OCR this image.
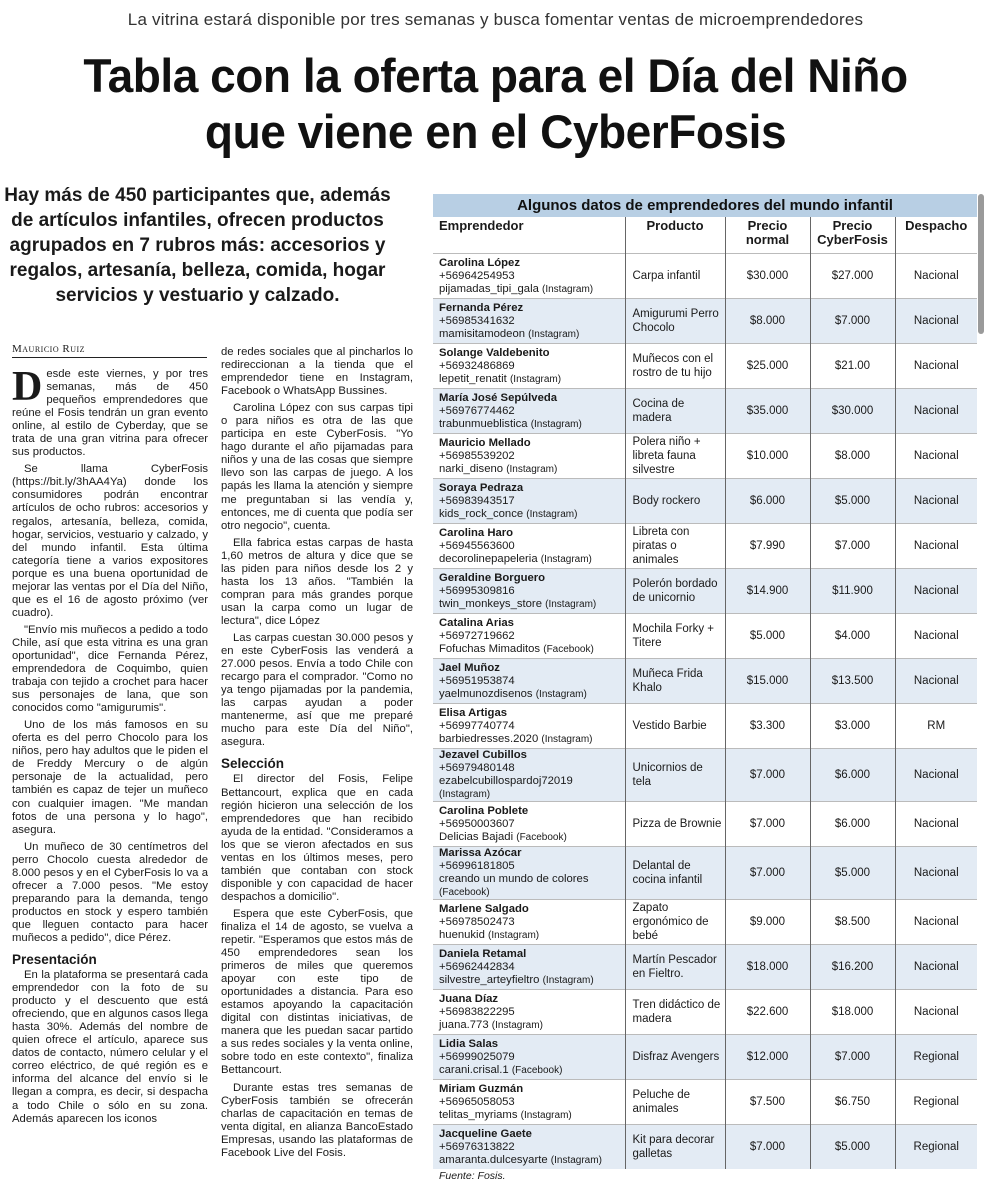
La vitrina estará disponible por tres semanas y busca fomentar ventas de microemprendedores
Tabla con la oferta para el Día del Niño
que viene en el CyberFosis
Hay más de 450 participantes que, además de artículos infantiles, ofrecen productos agrupados en 7 rubros más: accesorios y regalos, artesanía, belleza, comida, hogar servicios y vestuario y calzado.
Mauricio Ruiz

Desde este viernes, y por tres semanas, más de 450 pequeños emprendedores que reúne el Fosis tendrán un gran evento online, al estilo de Cyberday, que se trata de una gran vitrina para ofrecer sus productos.

Se llama CyberFosis (https://bit.ly/3hAA4Ya) donde los consumidores podrán encontrar artículos de ocho rubros: accesorios y regalos, artesanía, belleza, comida, hogar, servicios, vestuario y calzado, y del mundo infantil. Esta última categoría tiene a varios expositores porque es una buena oportunidad de mejorar las ventas por el Día del Niño, que es el 16 de agosto próximo (ver cuadro).

"Envío mis muñecos a pedido a todo Chile, así que esta vitrina es una gran oportunidad", dice Fernanda Pérez, emprendedora de Coquimbo, quien trabaja con tejido a crochet para hacer sus personajes de lana, que son conocidos como "amigurumis".

Uno de los más famosos en su oferta es del perro Chocolo para los niños, pero hay adultos que le piden el de Freddy Mercury o de algún personaje de la actualidad, pero también es capaz de tejer un muñeco con cualquier imagen. "Me mandan fotos de una persona y lo hago", asegura.

Un muñeco de 30 centímetros del perro Chocolo cuesta alrededor de 8.000 pesos y en el CyberFosis lo va a ofrecer a 7.000 pesos. "Me estoy preparando para la demanda, tengo productos en stock y espero también que lleguen contacto para hacer muñecos a pedido", dice Pérez.

Presentación

En la plataforma se presentará cada emprendedor con la foto de su producto y el descuento que está ofreciendo, que en algunos casos llega hasta 30%. Además del nombre de quien ofrece el artículo, aparece sus datos de contacto, número celular y el correo eléctrico, de qué región es e informa del alcance del envío si le llegan a compra, es decir, si despacha a todo Chile o sólo en su zona. Además aparecen los iconos

de redes sociales que al pincharlos lo redireccionan a la tienda que el emprendedor tiene en Instagram, Facebook o WhatsApp Bussines.

Carolina López con sus carpas tipi o para niños es otra de las que participa en este CyberFosis. "Yo hago durante el año pijamadas para niños y una de las cosas que siempre llevo son las carpas de juego. A los papás les llama la atención y siempre me preguntaban si las vendía y, entonces, me di cuenta que podía ser otro negocio", cuenta.

Ella fabrica estas carpas de hasta 1,60 metros de altura y dice que se las piden para niños desde los 2 y hasta los 13 años. "También la compran para más grandes porque usan la carpa como un lugar de lectura", dice López

Las carpas cuestan 30.000 pesos y en este CyberFosis las venderá a 27.000 pesos. Envía a todo Chile con recargo para el comprador. "Como no ya tengo pijamadas por la pandemia, las carpas ayudan a poder mantenerme, así que me preparé mucho para este Día del Niño", asegura.

Selección

El director del Fosis, Felipe Bettancourt, explica que en cada región hicieron una selección de los emprendedores que han recibido ayuda de la entidad. "Consideramos a los que se vieron afectados en sus ventas en los últimos meses, pero también que contaban con stock disponible y con capacidad de hacer despachos a domicilio".

Espera que este CyberFosis, que finaliza el 14 de agosto, se vuelva a repetir. "Esperamos que estos más de 450 emprendedores sean los primeros de miles que queremos apoyar con este tipo de oportunidades a distancia. Para eso estamos apoyando la capacitación digital con distintas iniciativas, de manera que les puedan sacar partido a sus redes sociales y la venta online, sobre todo en este contexto", finaliza Bettancourt.

Durante estas tres semanas de CyberFosis también se ofrecerán charlas de capacitación en temas de venta digital, en alianza BancoEstado Empresas, usando las plataformas de Facebook Live del Fosis.

Algunos datos de emprendedores del mundo infantil
Emprendedor	Producto	Precio normal	Precio CyberFosis	Despacho

Carolina López
+56964254953
pijamadas_tipi_gala (Instagram)	Carpa infantil	$30.000	$27.000	Nacional

Fernanda Pérez
+56985341632
mamisitamodeon (Instagram)	Amigurumi Perro Chocolo	$8.000	$7.000	Nacional

Solange Valdebenito
+56932486869
lepetit_renatit (Instagram)	Muñecos con el rostro de tu hijo	$25.000	$21.00	Nacional

María José Sepúlveda
+56976774462
trabunmueblistica (Instagram)	Cocina de madera	$35.000	$30.000	Nacional

Mauricio Mellado
+56985539202
narki_diseno (Instagram)	Polera niño + libreta fauna silvestre	$10.000	$8.000	Nacional

Soraya Pedraza
+56983943517
kids_rock_conce (Instagram)	Body rockero	$6.000	$5.000	Nacional

Carolina Haro
+56945563600
decorolinepapeleria (Instagram)	Libreta con piratas o animales	$7.990	$7.000	Nacional

Geraldine Borguero
+56995309816
twin_monkeys_store (Instagram)	Polerón bordado de unicornio	$14.900	$11.900	Nacional

Catalina Arias
+56972719662
Fofuchas Mimaditos (Facebook)	Mochila Forky + Titere	$5.000	$4.000	Nacional

Jael Muñoz
+56951953874
yaelmunozdisenos (Instagram)	Muñeca Frida Khalo	$15.000	$13.500	Nacional

Elisa Artigas
+56997740774
barbiedresses.2020 (Instagram)	Vestido Barbie	$3.300	$3.000	RM

Jezavel Cubillos
+56979480148
ezabelcubillospardoj72019 (Instagram)	Unicornios de tela	$7.000	$6.000	Nacional

Carolina Poblete
+56950003607
Delicias Bajadi (Facebook)	Pizza de Brownie	$7.000	$6.000	Nacional

Marissa Azócar
+56996181805
creando un mundo de colores (Facebook)	Delantal de cocina infantil	$7.000	$5.000	Nacional

Marlene Salgado
+56978502473
huenukid (Instagram)	Zapato ergonómico de bebé	$9.000	$8.500	Nacional

Daniela Retamal
+56962442834
silvestre_arteyfieltro (Instagram)	Martín Pescador en Fieltro.	$18.000	$16.200	Nacional

Juana Díaz
+56983822295
juana.773 (Instagram)	Tren didáctico de madera	$22.600	$18.000	Nacional

Lidia Salas
+56999025079
carani.crisal.1 (Facebook)	Disfraz Avengers	$12.000	$7.000	Regional

Miriam Guzmán
+56965058053
telitas_myriams (Instagram)	Peluche de animales	$7.500	$6.750	Regional

Jacqueline Gaete
+56976313822
amaranta.dulcesyarte (Instagram)	Kit para decorar galletas	$7.000	$5.000	Regional
Fuente: Fosis.
